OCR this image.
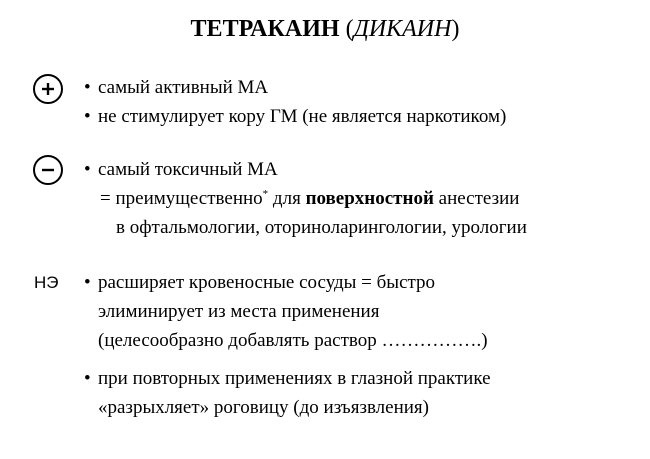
ТЕТРАКАИН (ДИКАИН)
• самый активный МА
• не стимулирует кору ГМ (не является наркотиком)
• самый токсичный МА
= преимущественно* для поверхностной анестезии
в офтальмологии, оториноларингологии, урологии
НЭ • расширяет кровеносные сосуды = быстро
элиминирует из места применения
(целесообразно добавлять раствор …………….)
• при повторных применениях в глазной практике
«разрыхляет» роговицу (до изъязвления)
